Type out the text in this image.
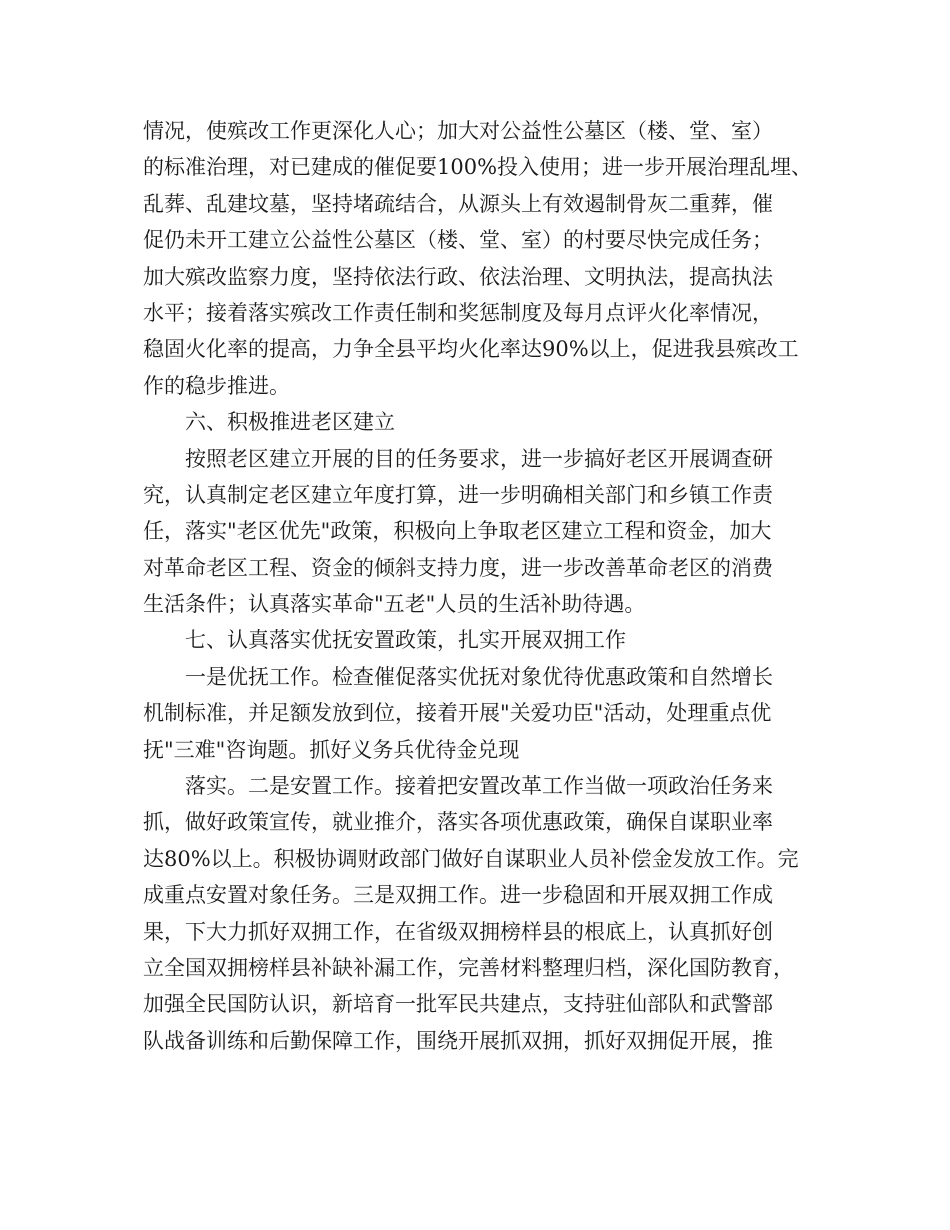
情况，使殡改工作更深化人心；加大对公益性公墓区（楼、堂、室）
的标准治理，对已建成的催促要100%投入使用；进一步开展治理乱埋、
乱葬、乱建坟墓，坚持堵疏结合，从源头上有效遏制骨灰二重葬，催
促仍未开工建立公益性公墓区（楼、堂、室）的村要尽快完成任务；
加大殡改监察力度，坚持依法行政、依法治理、文明执法，提高执法
水平；接着落实殡改工作责任制和奖惩制度及每月点评火化率情况，
稳固火化率的提高，力争全县平均火化率达90%以上，促进我县殡改工
作的稳步推进。
六、积极推进老区建立
按照老区建立开展的目的任务要求，进一步搞好老区开展调查研
究，认真制定老区建立年度打算，进一步明确相关部门和乡镇工作责
任，落实"老区优先"政策，积极向上争取老区建立工程和资金，加大
对革命老区工程、资金的倾斜支持力度，进一步改善革命老区的消费
生活条件；认真落实革命"五老"人员的生活补助待遇。
七、认真落实优抚安置政策，扎实开展双拥工作
一是优抚工作。检查催促落实优抚对象优待优惠政策和自然增长
机制标准，并足额发放到位，接着开展"关爱功臣"活动，处理重点优
抚"三难"咨询题。抓好义务兵优待金兑现
落实。二是安置工作。接着把安置改革工作当做一项政治任务来
抓，做好政策宣传，就业推介，落实各项优惠政策，确保自谋职业率
达80%以上。积极协调财政部门做好自谋职业人员补偿金发放工作。完
成重点安置对象任务。三是双拥工作。进一步稳固和开展双拥工作成
果，下大力抓好双拥工作，在省级双拥榜样县的根底上，认真抓好创
立全国双拥榜样县补缺补漏工作，完善材料整理归档，深化国防教育，
加强全民国防认识，新培育一批军民共建点，支持驻仙部队和武警部
队战备训练和后勤保障工作，围绕开展抓双拥，抓好双拥促开展，推
